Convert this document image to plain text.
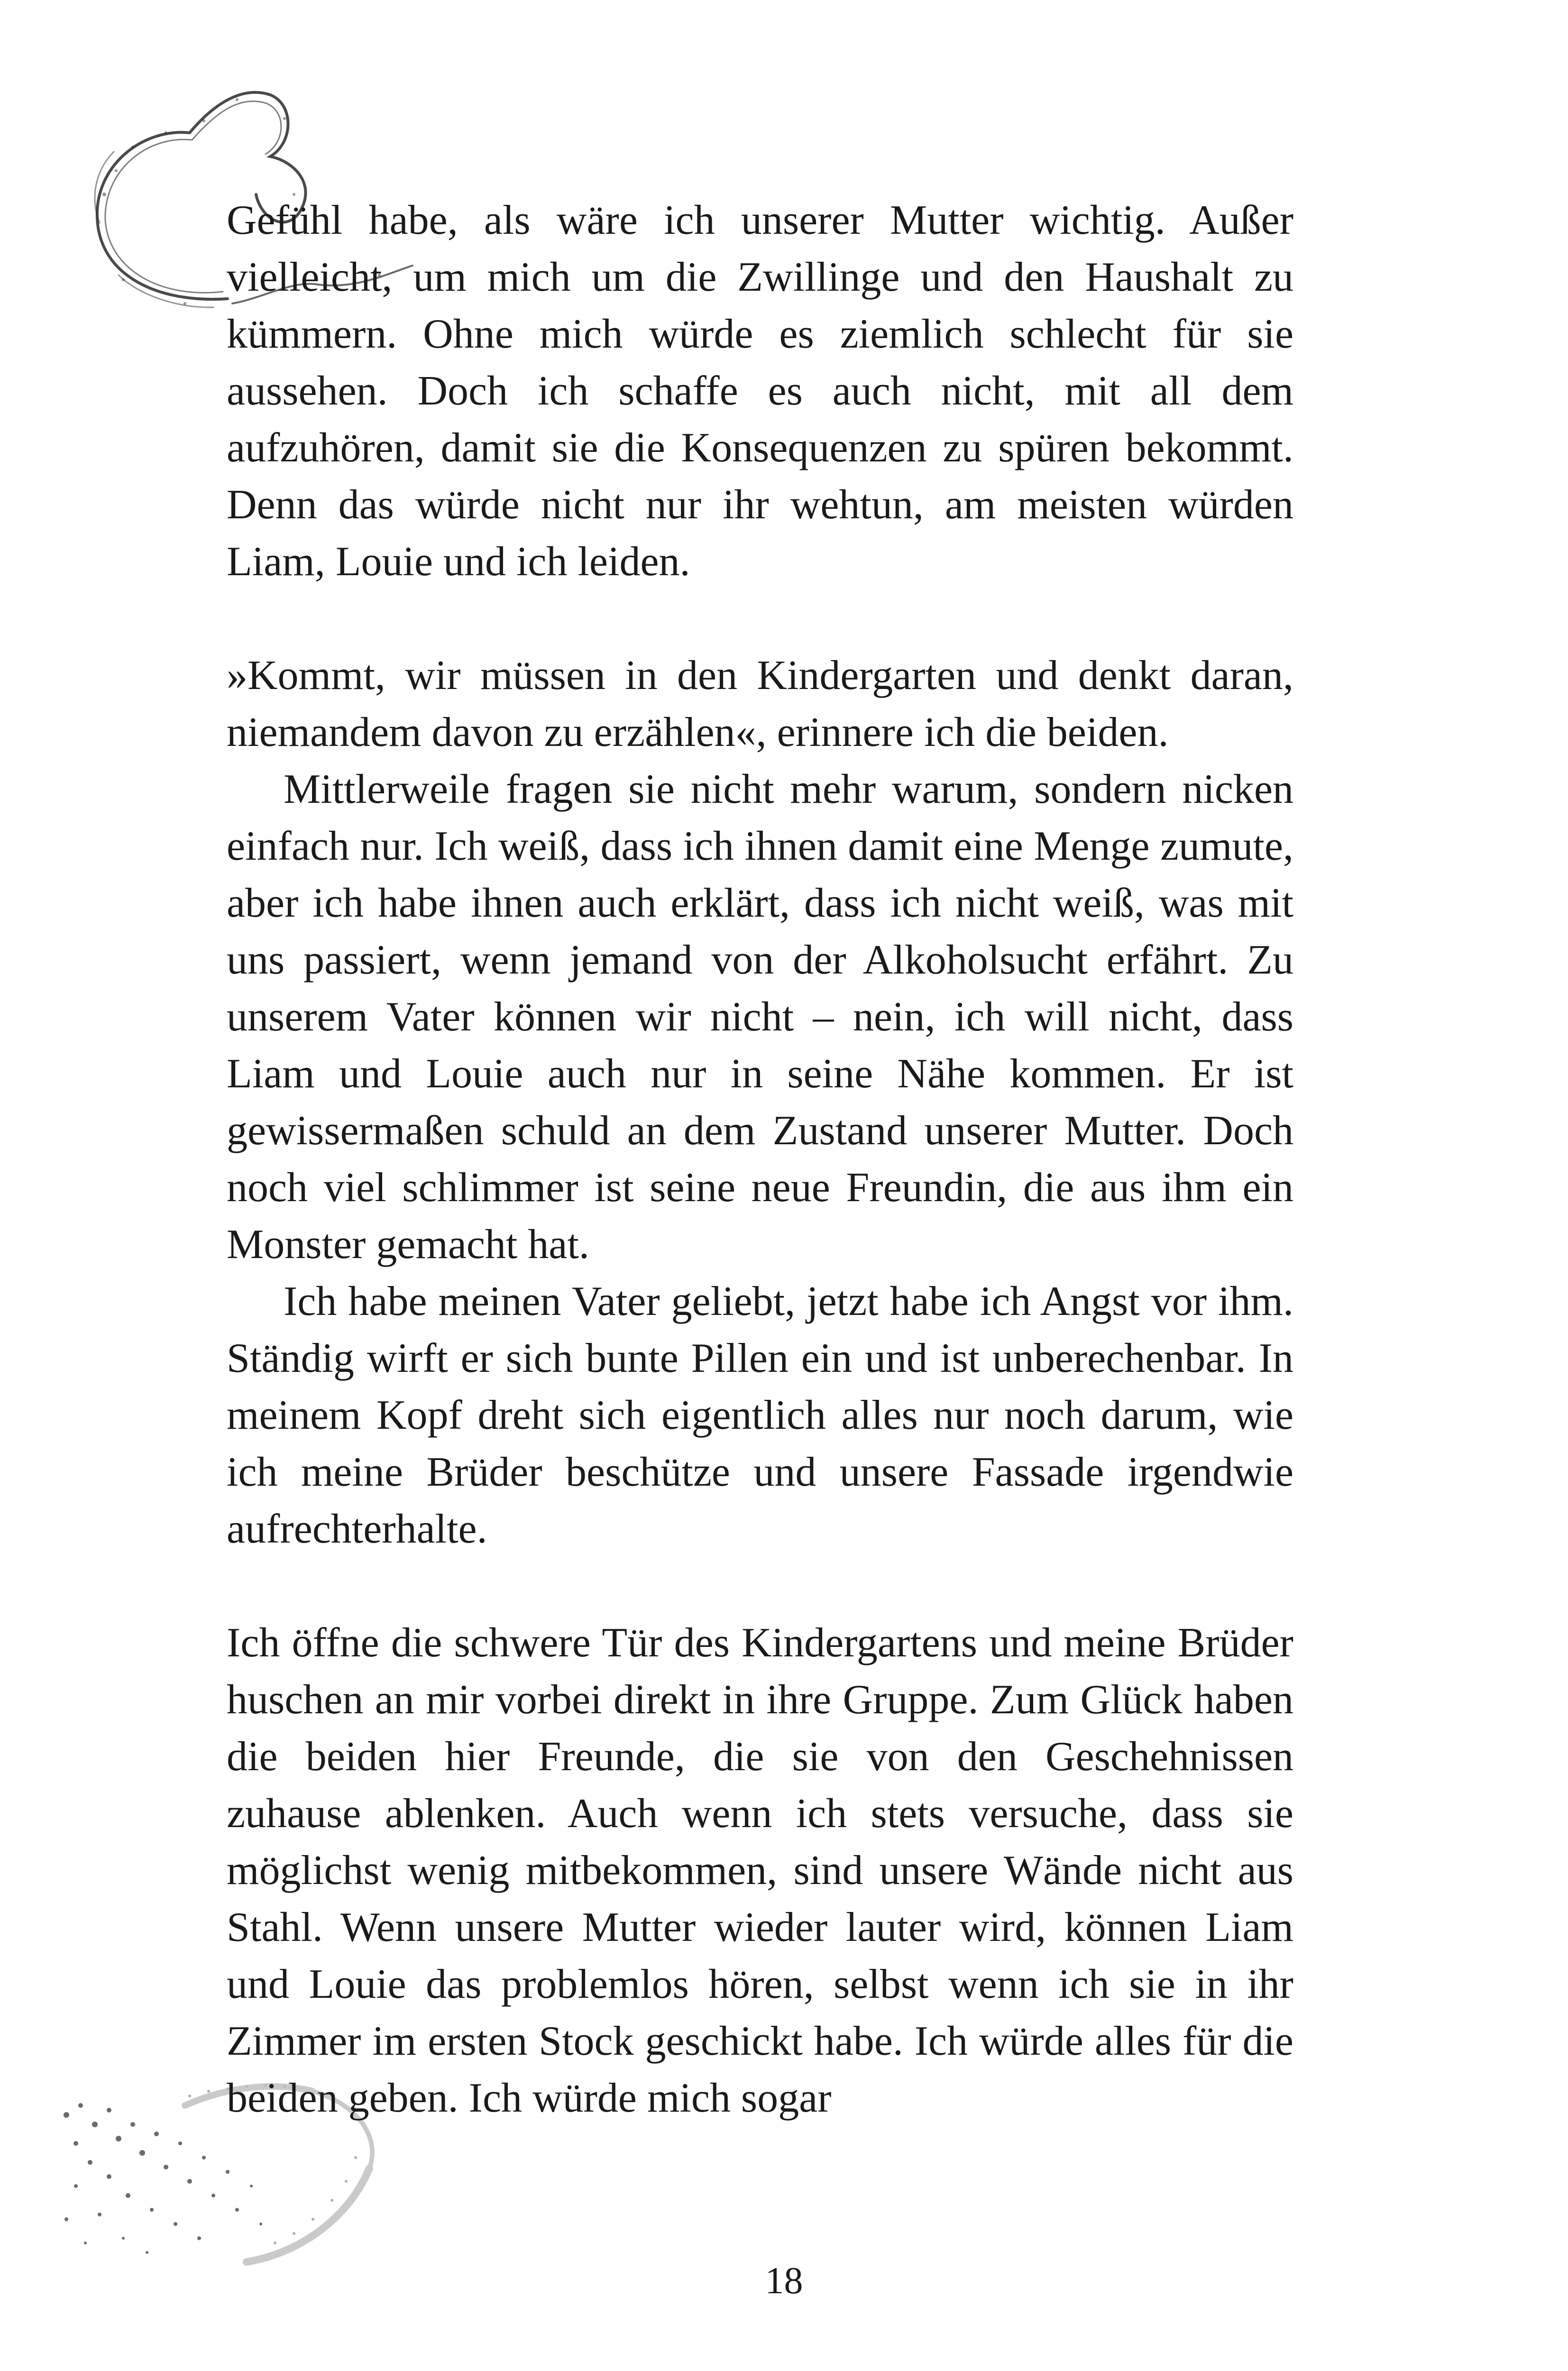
Gefühl habe, als wäre ich unserer Mutter wichtig. Außer vielleicht, um mich um die Zwillinge und den Haushalt zu kümmern. Ohne mich würde es ziemlich schlecht für sie aussehen. Doch ich schaffe es auch nicht, mit all dem aufzuhören, damit sie die Konsequenzen zu spüren bekommt. Denn das würde nicht nur ihr wehtun, am meisten würden Liam, Louie und ich leiden.

»Kommt, wir müssen in den Kindergarten und denkt daran, niemandem davon zu erzählen«, erinnere ich die beiden.

Mittlerweile fragen sie nicht mehr warum, sondern nicken einfach nur. Ich weiß, dass ich ihnen damit eine Menge zumute, aber ich habe ihnen auch erklärt, dass ich nicht weiß, was mit uns passiert, wenn jemand von der Alkoholsucht erfährt. Zu unserem Vater können wir nicht – nein, ich will nicht, dass Liam und Louie auch nur in seine Nähe kommen. Er ist gewissermaßen schuld an dem Zustand unserer Mutter. Doch noch viel schlimmer ist seine neue Freundin, die aus ihm ein Monster gemacht hat.

Ich habe meinen Vater geliebt, jetzt habe ich Angst vor ihm. Ständig wirft er sich bunte Pillen ein und ist unberechenbar. In meinem Kopf dreht sich eigentlich alles nur noch darum, wie ich meine Brüder beschütze und unsere Fassade irgendwie aufrechterhalte.

Ich öffne die schwere Tür des Kindergartens und meine Brüder huschen an mir vorbei direkt in ihre Gruppe. Zum Glück haben die beiden hier Freunde, die sie von den Geschehnissen zuhause ablenken. Auch wenn ich stets versuche, dass sie möglichst wenig mitbekommen, sind unsere Wände nicht aus Stahl. Wenn unsere Mutter wieder lauter wird, können Liam und Louie das problemlos hören, selbst wenn ich sie in ihr Zimmer im ersten Stock geschickt habe. Ich würde alles für die beiden geben. Ich würde mich sogar

18
